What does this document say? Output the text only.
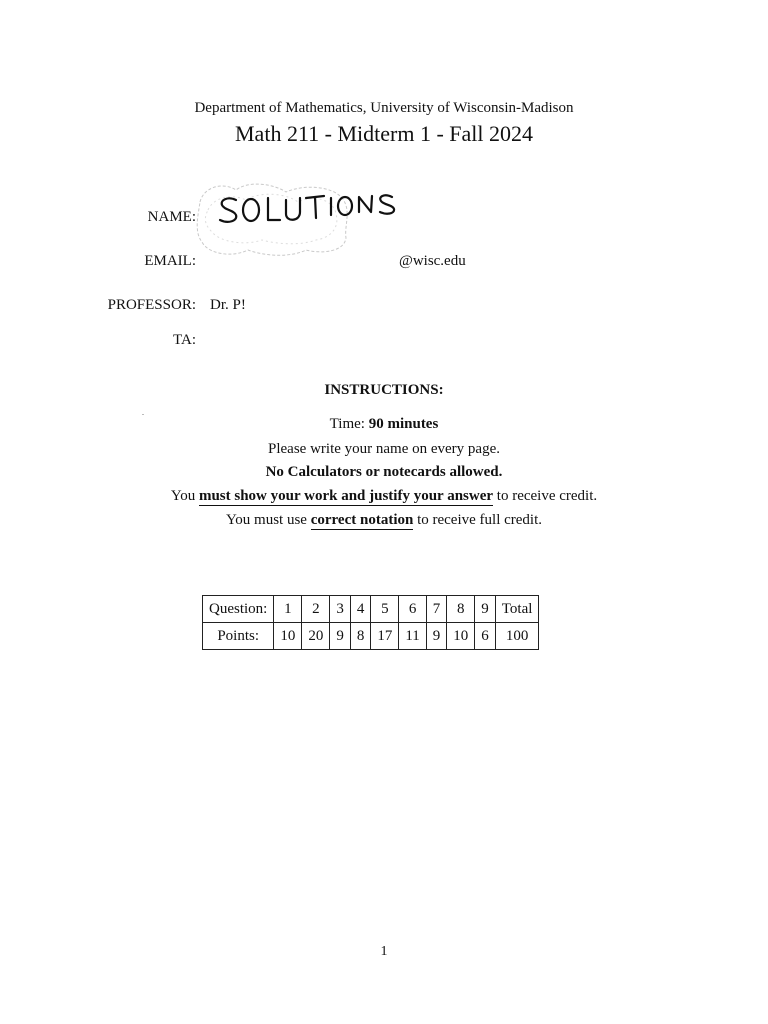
Department of Mathematics, University of Wisconsin-Madison
Math 211 - Midterm 1 - Fall 2024
NAME:
EMAIL:	@wisc.edu
PROFESSOR: Dr. P!
TA:
INSTRUCTIONS:
Time: 90 minutes
Please write your name on every page.
No Calculators or notecards allowed.
You must show your work and justify your answer to receive credit.
You must use correct notation to receive full credit.
Question:	1	2	3	4	5	6	7	8	9	Total
Points:	10	20	9	8	17	11	9	10	6	100
1
